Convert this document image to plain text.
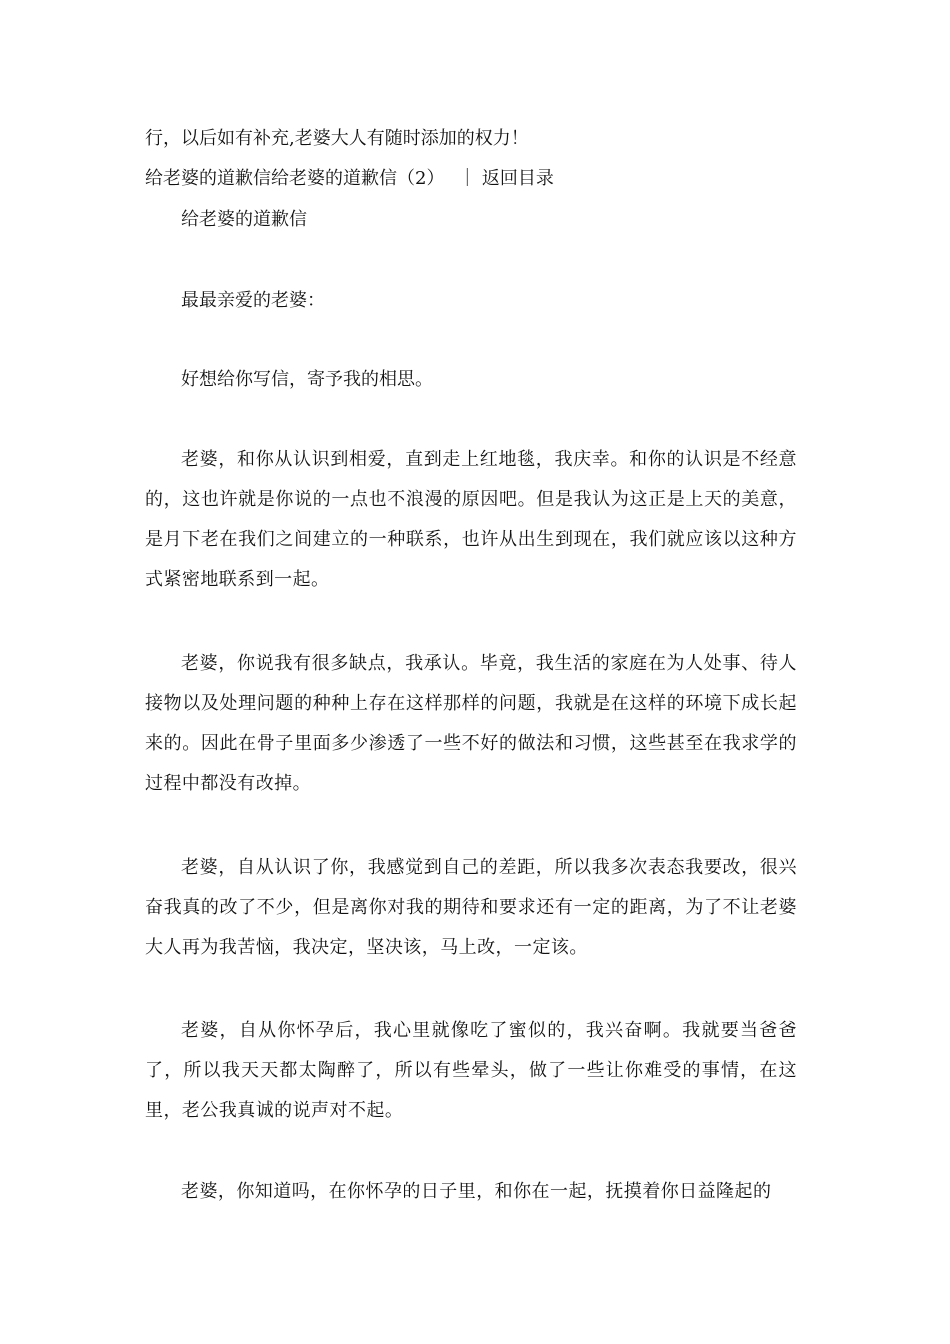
行，以后如有补充,老婆大人有随时添加的权力！
给老婆的道歉信给老婆的道歉信（2） ｜ 返回目录
给老婆的道歉信
最最亲爱的老婆：
好想给你写信，寄予我的相思。
老婆，和你从认识到相爱，直到走上红地毯，我庆幸。和你的认识是不经意的，这也许就是你说的一点也不浪漫的原因吧。但是我认为这正是上天的美意，是月下老在我们之间建立的一种联系，也许从出生到现在，我们就应该以这种方式紧密地联系到一起。
老婆，你说我有很多缺点，我承认。毕竟，我生活的家庭在为人处事、待人接物以及处理问题的种种上存在这样那样的问题，我就是在这样的环境下成长起来的。因此在骨子里面多少渗透了一些不好的做法和习惯，这些甚至在我求学的过程中都没有改掉。
老婆，自从认识了你，我感觉到自己的差距，所以我多次表态我要改，很兴奋我真的改了不少，但是离你对我的期待和要求还有一定的距离，为了不让老婆大人再为我苦恼，我决定，坚决该，马上改，一定该。
老婆，自从你怀孕后，我心里就像吃了蜜似的，我兴奋啊。我就要当爸爸了，所以我天天都太陶醉了，所以有些晕头，做了一些让你难受的事情，在这里，老公我真诚的说声对不起。
老婆，你知道吗，在你怀孕的日子里，和你在一起，抚摸着你日益隆起的
